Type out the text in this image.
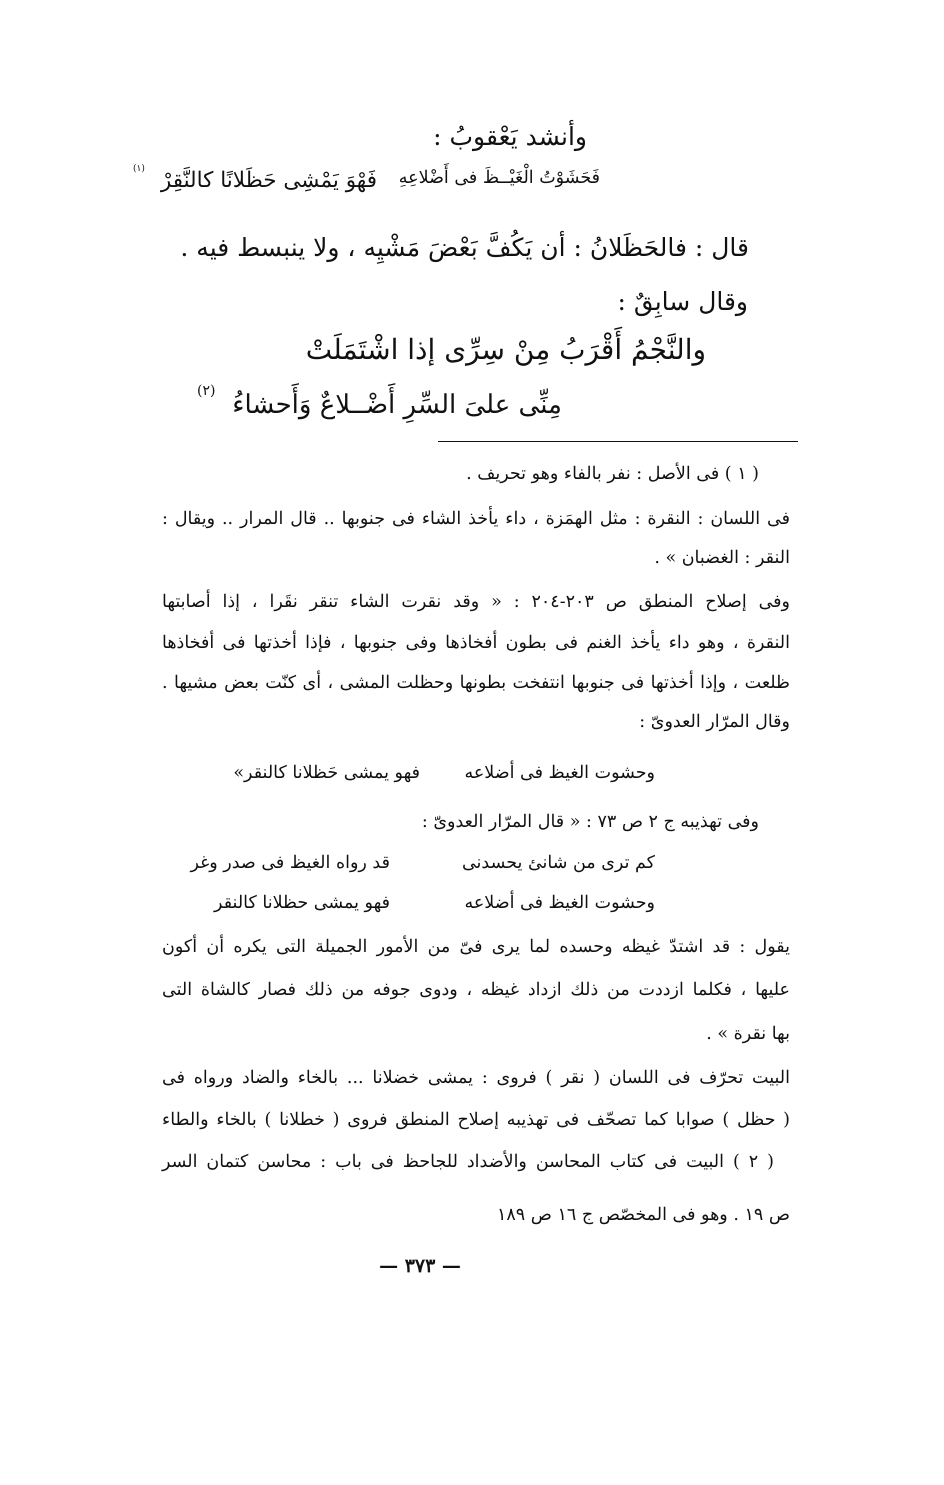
وأنشد يَعْقوبُ :
فَحَشَوْتُ الْغَيْــظَ فى أَضْلاعِهِ
فَهْوَ يَمْشِى حَظَلانًا كالنَّقِرْ
(١)
قال : فالحَظَلانُ : أن يَكُفَّ بَعْضَ مَشْيِه ، ولا ينبسط فيه .
وقال سابِقٌ :
والنَّجْمُ أَقْرَبُ مِنْ سِرِّى إذا اشْتَمَلَتْ
مِنِّى علىَ السِّرِ أَضْــلاعٌ وَأَحشاءُ
(٢)
( ١ ) فى الأصل : نفر بالفاء وهو تحريف .
فى اللسان : النقرة : مثل الهمَزة ، داء يأخذ الشاء فى جنوبها .. قال المرار .. ويقال :
النقر : الغضبان » .
وفى إصلاح المنطق ص ٢٠٣-٢٠٤ : « وقد نقرت الشاء تنقر نقَرا ، إذا أصابتها
النقرة ، وهو داء يأخذ الغنم فى بطون أفخاذها وفى جنوبها ، فإذا أخذتها فى أفخاذها
ظلعت ، وإذا أخذتها فى جنوبها انتفخت بطونها وحظلت المشى ، أى كنّت بعض مشيها .
وقال المرّار العدوىّ :
وحشوت الغيظ فى أضلاعه
فهو يمشى حَظلانا كالنقر»
وفى تهذيبه ج ٢ ص ٧٣ : « قال المرّار العدوىّ :
كم ترى من شانئ يحسدنى
قد رواه الغيظ فى صدر وغر
وحشوت الغيظ فى أضلاعه
فهو يمشى حظلانا كالنقر
يقول : قد اشتدّ غيظه وحسده لما يرى فىّ من الأمور الجميلة التى يكره أن أكون
عليها ، فكلما ازددت من ذلك ازداد غيظه ، ودوى جوفه من ذلك فصار كالشاة التى
بها نقرة » .
البيت تحرّف فى اللسان ( نقر ) فروى : يمشى خضلانا ... بالخاء والضاد ورواه فى
( حظل ) صوابا كما تصحّف فى تهذيبه إصلاح المنطق فروى ( خطلانا ) بالخاء والطاء
( ٢ ) البيت فى كتاب المحاسن والأضداد للجاحظ فى باب : محاسن كتمان السر
ص ١٩ . وهو فى المخصّص ج ١٦ ص ١٨٩
— ٣٧٣ —
